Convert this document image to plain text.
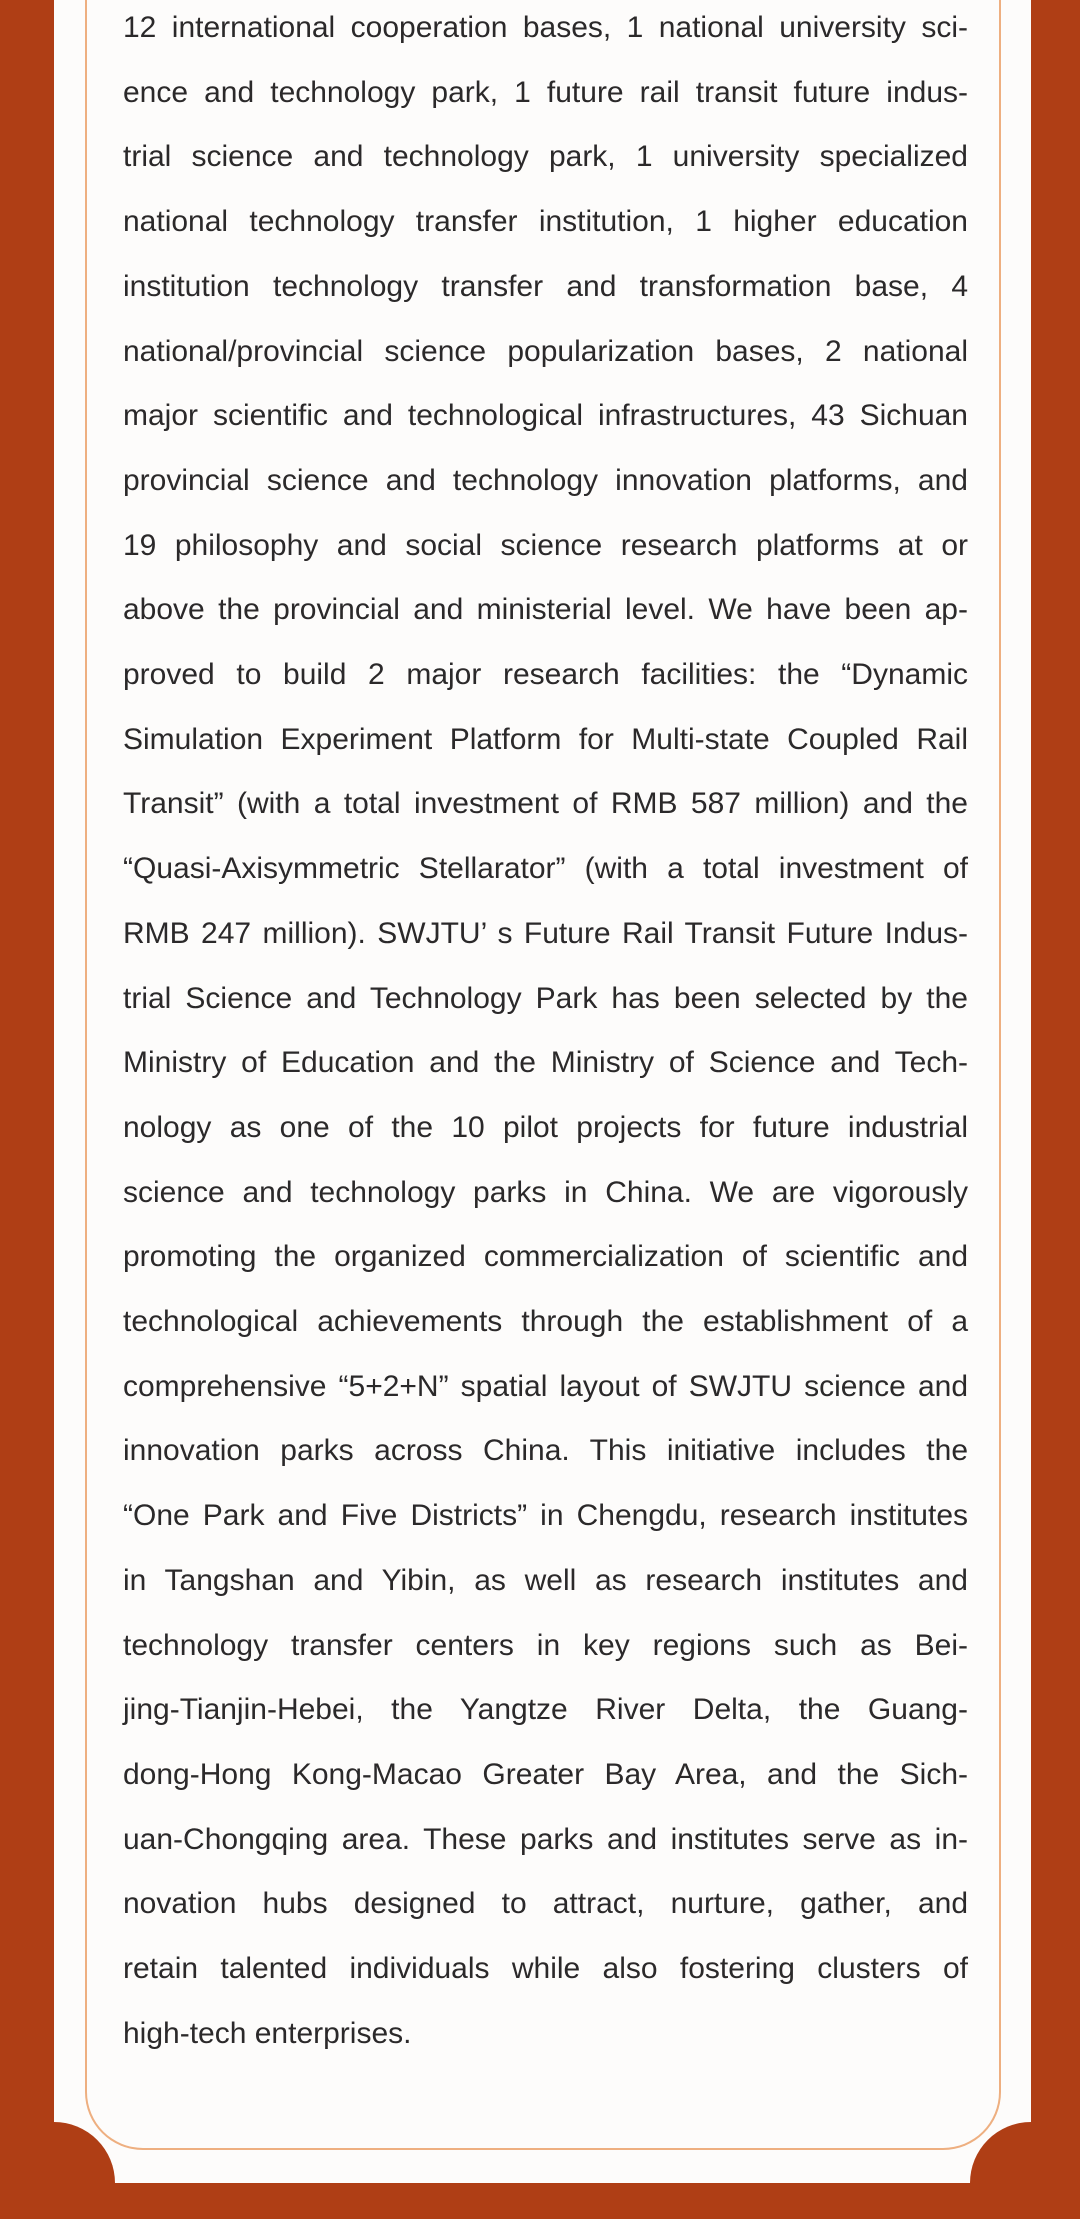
12 international cooperation bases, 1 national university sci-
ence and technology park, 1 future rail transit future indus-
trial science and technology park, 1 university specialized
national technology transfer institution, 1 higher education
institution technology transfer and transformation base, 4
national/provincial science popularization bases, 2 national
major scientific and technological infrastructures, 43 Sichuan
provincial science and technology innovation platforms, and
19 philosophy and social science research platforms at or
above the provincial and ministerial level. We have been ap-
proved to build 2 major research facilities: the “Dynamic
Simulation Experiment Platform for Multi-state Coupled Rail
Transit” (with a total investment of RMB 587 million) and the
“Quasi-Axisymmetric Stellarator” (with a total investment of
RMB 247 million). SWJTU’ s Future Rail Transit Future Indus-
trial Science and Technology Park has been selected by the
Ministry of Education and the Ministry of Science and Tech-
nology as one of the 10 pilot projects for future industrial
science and technology parks in China. We are vigorously
promoting the organized commercialization of scientific and
technological achievements through the establishment of a
comprehensive “5+2+N” spatial layout of SWJTU science and
innovation parks across China. This initiative includes the
“One Park and Five Districts” in Chengdu, research institutes
in Tangshan and Yibin, as well as research institutes and
technology transfer centers in key regions such as Bei-
jing-Tianjin-Hebei, the Yangtze River Delta, the Guang-
dong-Hong Kong-Macao Greater Bay Area, and the Sich-
uan-Chongqing area. These parks and institutes serve as in-
novation hubs designed to attract, nurture, gather, and
retain talented individuals while also fostering clusters of
high-tech enterprises.
